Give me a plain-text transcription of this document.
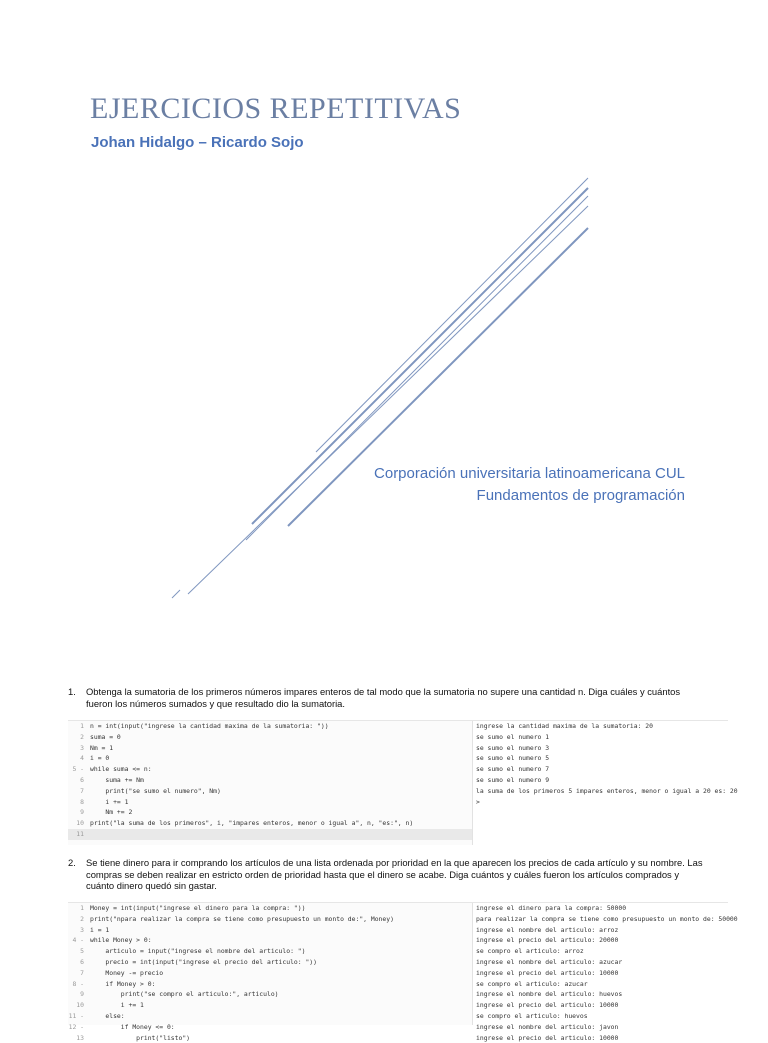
EJERCICIOS REPETITIVAS
Johan Hidalgo – Ricardo Sojo
Corporación universitaria latinoamericana CUL
Fundamentos de programación
1. Obtenga la sumatoria de los primeros números impares enteros de tal modo que la sumatoria no supere una cantidad n. Diga cuáles y cuántos fueron los números sumados y que resultado dio la sumatoria.
1 n = int(input("ingrese la cantidad maxima de la sumatoria: "))
2 suma = 0
3 Nm = 1
4 i = 0
5 - while suma <= n:
6    suma += Nm
7    print("se sumo el numero", Nm)
8    i += 1
9    Nm += 2
10 print("la suma de los primeros", i, "impares enteros, menor o igual a", n, "es:", n)
11
ingrese la cantidad maxima de la sumatoria: 20
se sumo el numero 1
se sumo el numero 3
se sumo el numero 5
se sumo el numero 7
se sumo el numero 9
la suma de los primeros 5 impares enteros, menor o igual a 20 es: 20
>
2. Se tiene dinero para ir comprando los artículos de una lista ordenada por prioridad en la que aparecen los precios de cada artículo y su nombre. Las compras se deben realizar en estricto orden de prioridad hasta que el dinero se acabe. Diga cuántos y cuáles fueron los artículos comprados y cuánto dinero quedó sin gastar.
1 Money = int(input("ingrese el dinero para la compra: "))
2 print("npara realizar la compra se tiene como presupuesto un monto de:", Money)
3 i = 1
4 - while Money > 0:
5    articulo = input("ingrese el nombre del articulo: ")
6    precio = int(input("ingrese el precio del articulo: "))
7    Money -= precio
8 -    if Money > 0:
9        print("se compro el articulo:", articulo)
10        i += 1
11 -    else:
12 -        if Money <= 0:
13            print("listo")
ingrese el dinero para la compra: 50000
para realizar la compra se tiene como presupuesto un monto de: 50000
ingrese el nombre del articulo: arroz
ingrese el precio del articulo: 20000
se compro el articulo: arroz
ingrese el nombre del articulo: azucar
ingrese el precio del articulo: 10000
se compro el articulo: azucar
ingrese el nombre del articulo: huevos
ingrese el precio del articulo: 10000
se compro el articulo: huevos
ingrese el nombre del articulo: javon
ingrese el precio del articulo: 10000
